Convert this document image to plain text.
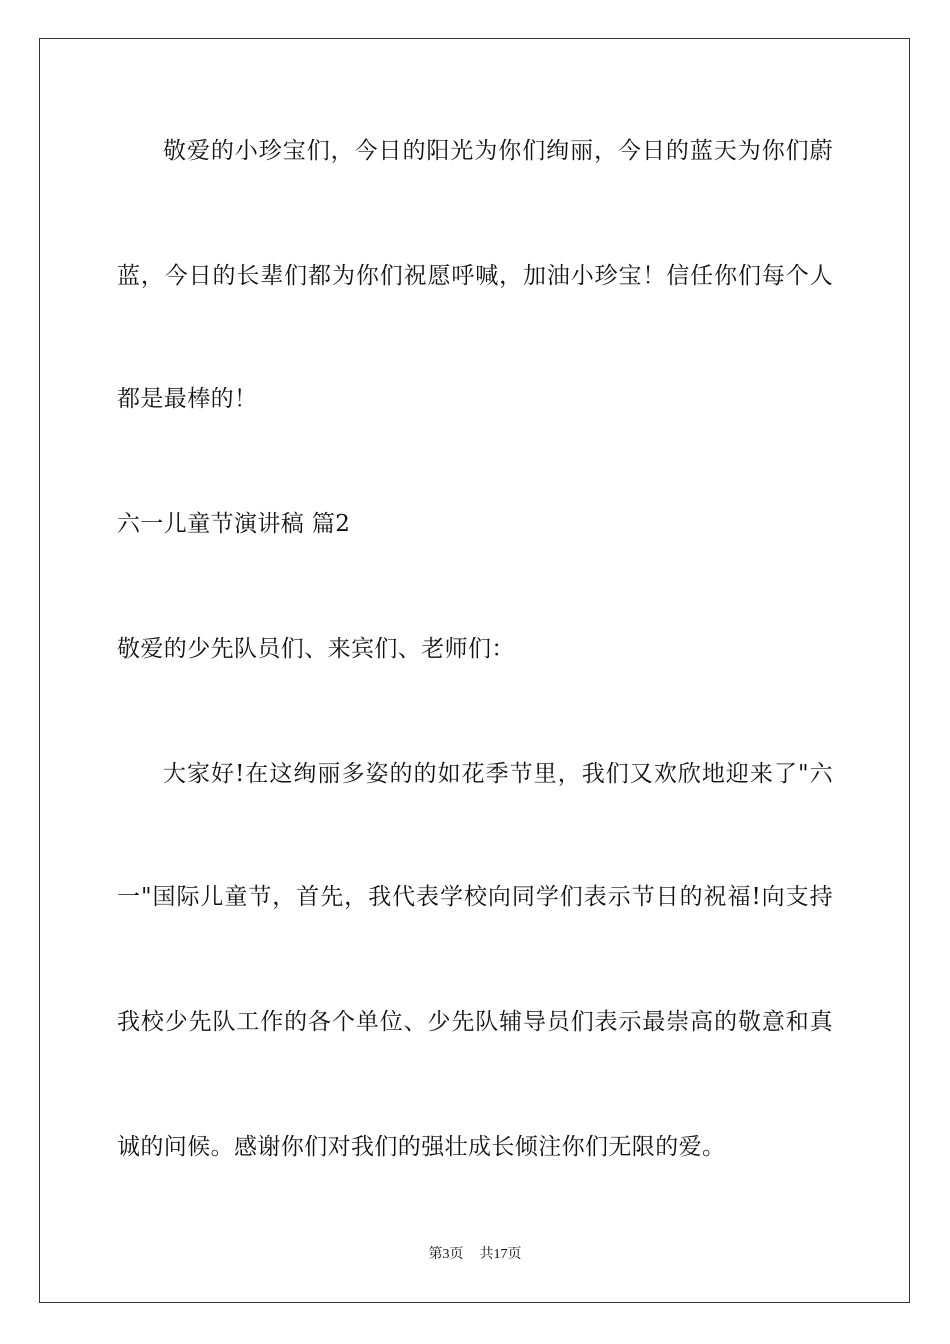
敬爱的小珍宝们，今日的阳光为你们绚丽，今日的蓝天为你们蔚
蓝，今日的长辈们都为你们祝愿呼喊，加油小珍宝！信任你们每个人
都是最棒的！
六一儿童节演讲稿 篇2
敬爱的少先队员们、来宾们、老师们：
大家好!在这绚丽多姿的的如花季节里，我们又欢欣地迎来了"六
一"国际儿童节，首先，我代表学校向同学们表示节日的祝福!向支持
我校少先队工作的各个单位、少先队辅导员们表示最崇高的敬意和真
诚的问候。感谢你们对我们的强壮成长倾注你们无限的爱。
第3页 共17页
